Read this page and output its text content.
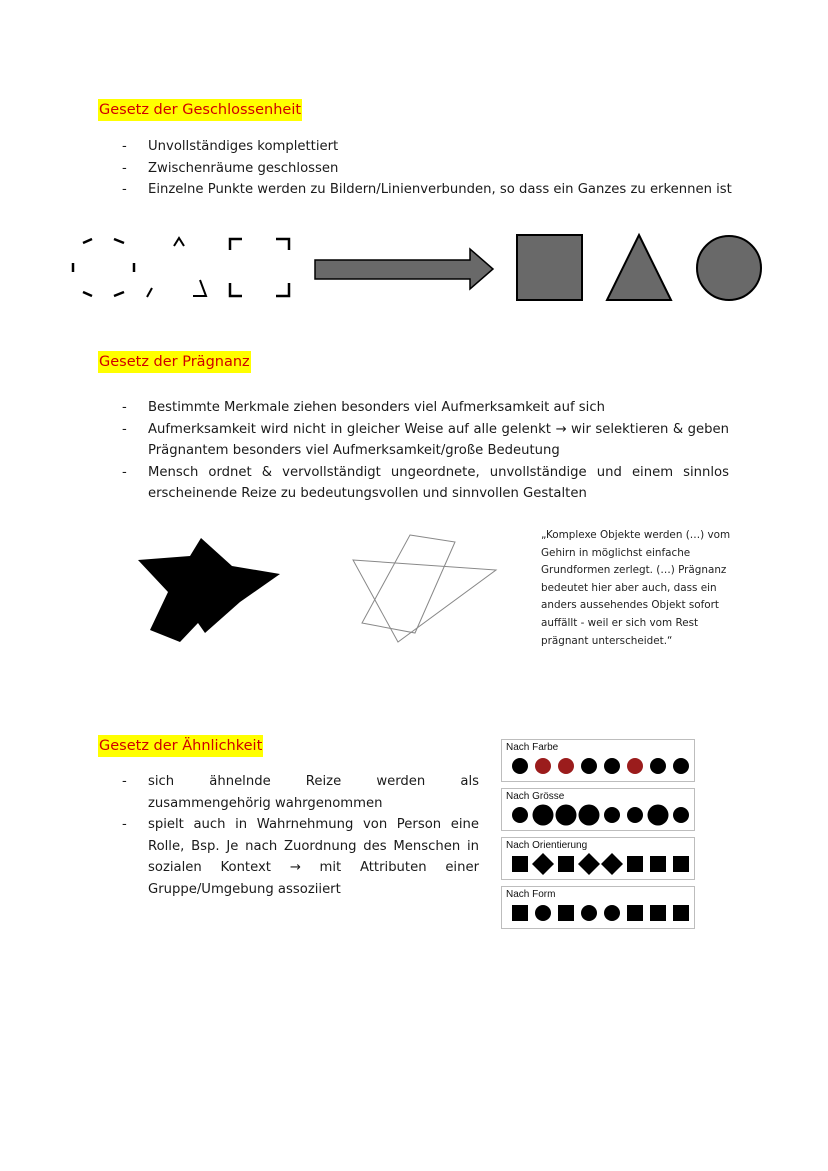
Gesetz der Geschlossenheit
- Unvollständiges komplettiert
- Zwischenräume geschlossen
- Einzelne Punkte werden zu Bildern/Linienverbunden, so dass ein Ganzes zu erkennen ist
Gesetz der Prägnanz
- Bestimmte Merkmale ziehen besonders viel Aufmerksamkeit auf sich
- Aufmerksamkeit wird nicht in gleicher Weise auf alle gelenkt → wir selektieren & geben Prägnantem besonders viel Aufmerksamkeit/große Bedeutung
- Mensch ordnet & vervollständigt ungeordnete, unvollständige und einem sinnlos erscheinende Reize zu bedeutungsvollen und sinnvollen Gestalten
„Komplexe Objekte werden (…) vom Gehirn in möglichst einfache Grundformen zerlegt. (…) Prägnanz bedeutet hier aber auch, dass ein anders aussehendes Objekt sofort auffällt - weil er sich vom Rest prägnant unterscheidet.“
Gesetz der Ähnlichkeit
- sich ähnelnde Reize werden als zusammengehörig wahrgenommen
- spielt auch in Wahrnehmung von Person eine Rolle, Bsp. Je nach Zuordnung des Menschen in sozialen Kontext → mit Attributen einer Gruppe/Umgebung assoziiert
Nach Farbe
Nach Grösse
Nach Orientierung
Nach Form
